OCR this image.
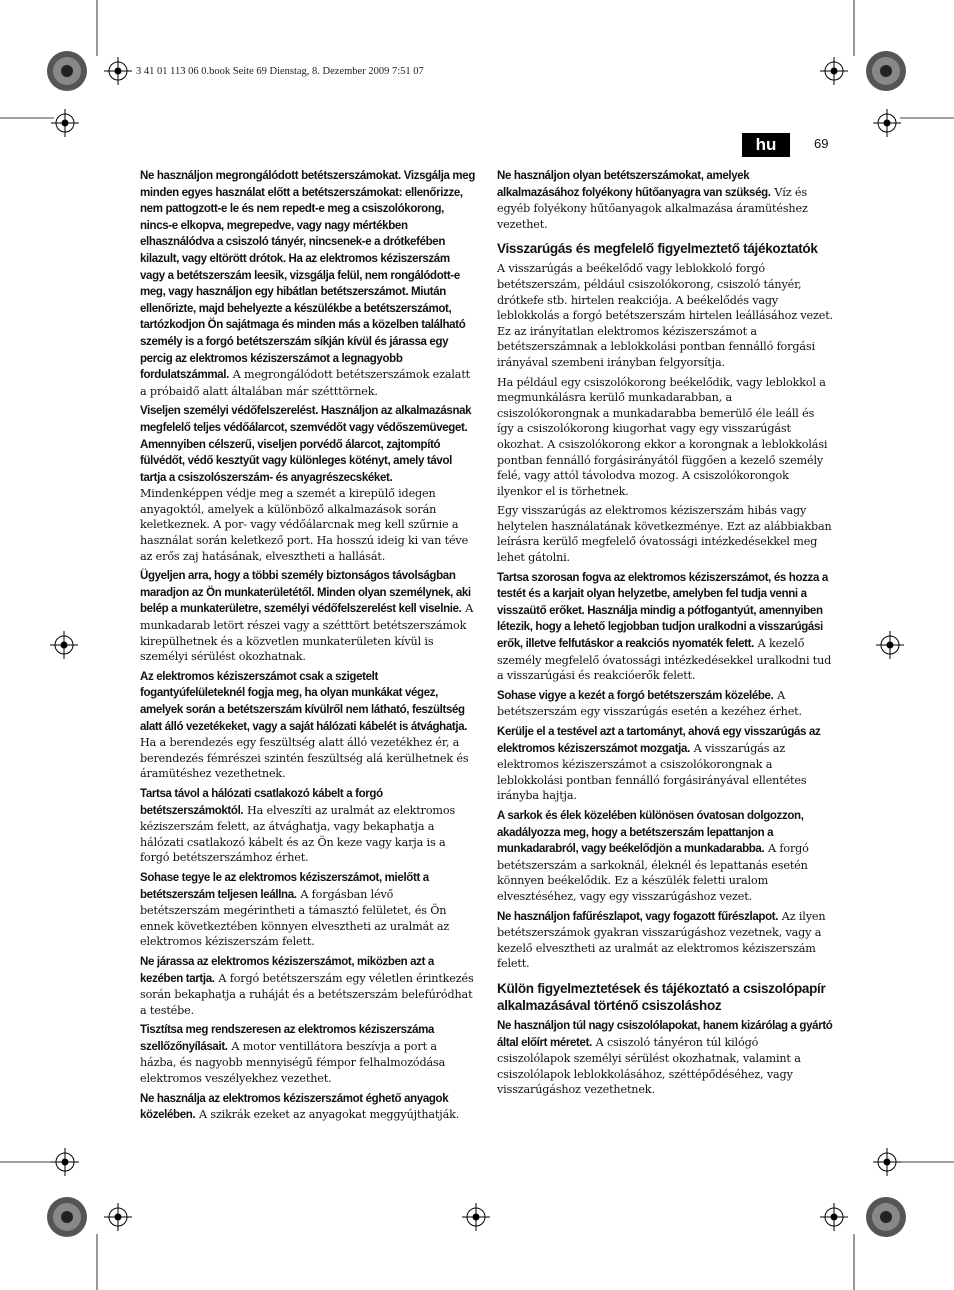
3 41 01 113 06 0.book Seite 69 Dienstag, 8. Dezember 2009 7:51 07
hu	69

Ne használjon megrongálódott betétszerszámokat. Vizsgálja meg minden egyes használat előtt a betétszerszámokat: ellenőrizze, nem pattogzott-e le és nem repedt-e meg a csiszolókorong, nincs-e elkopva, megrepedve, vagy nagy mértékben elhasználódva a csiszoló tányér, nincsenek-e a drótkefében kilazult, vagy eltörött drótok. Ha az elektromos kéziszerszám vagy a betétszerszám leesik, vizsgálja felül, nem rongálódott-e meg, vagy használjon egy hibátlan betétszerszámot. Miután ellenőrizte, majd behelyezte a készülékbe a betétszerszámot, tartózkodjon Ön sajátmaga és minden más a közelben található személy is a forgó betétszerszám síkján kívül és járassa egy percig az elektromos kéziszerszámot a legnagyobb fordulatszámmal. A megrongálódott betétszerszámok ezalatt a próbaidő alatt általában már szétttörnek.

Viseljen személyi védőfelszerelést. Használjon az alkalmazásnak megfelelő teljes védőálarcot, szemvédőt vagy védőszemüveget. Amennyiben célszerű, viseljen porvédő álarcot, zajtompító fülvédőt, védő kesztyűt vagy különleges kötényt, amely távol tartja a csiszolószerszám- és anyagrészecskéket. Mindenképpen védje meg a szemét a kirepülő idegen anyagoktól, amelyek a különböző alkalmazások során keletkeznek. A por- vagy védőálarcnak meg kell szűrnie a használat során keletkező port. Ha hosszú ideig ki van téve az erős zaj hatásának, elvesztheti a hallását.

Ügyeljen arra, hogy a többi személy biztonságos távolságban maradjon az Ön munkaterületétől. Minden olyan személynek, aki belép a munkaterületre, személyi védőfelszerelést kell viselnie. A munkadarab letört részei vagy a szétttört betétszerszámok kirepülhetnek és a közvetlen munkaterületen kívül is személyi sérülést okozhatnak.

Az elektromos kéziszerszámot csak a szigetelt fogantyúfelületeknél fogja meg, ha olyan munkákat végez, amelyek során a betétszerszám kívülről nem látható, feszültség alatt álló vezetékeket, vagy a saját hálózati kábelét is átvághatja. Ha a berendezés egy feszültség alatt álló vezetékhez ér, a berendezés fémrészei szintén feszültség alá kerülhetnek és áramütéshez vezethetnek.

Tartsa távol a hálózati csatlakozó kábelt a forgó betétszerszámoktól. Ha elveszíti az uralmát az elektromos kéziszerszám felett, az átvághatja, vagy bekaphatja a hálózati csatlakozó kábelt és az Ön keze vagy karja is a forgó betétszerszámhoz érhet.

Sohase tegye le az elektromos kéziszerszámot, mielőtt a betétszerszám teljesen leállna. A forgásban lévő betétszerszám megérintheti a támasztó felületet, és Ön ennek következtében könnyen elvesztheti az uralmát az elektromos kéziszerszám felett.

Ne járassa az elektromos kéziszerszámot, miközben azt a kezében tartja. A forgó betétszerszám egy véletlen érintkezés során bekaphatja a ruháját és a betétszerszám belefúródhat a testébe.

Tisztítsa meg rendszeresen az elektromos kéziszerszáma szellőzőnyílásait. A motor ventillátora beszívja a port a házba, és nagyobb mennyiségű fémpor felhalmozódása elektromos veszélyekhez vezethet.

Ne használja az elektromos kéziszerszámot éghető anyagok közelében. A szikrák ezeket az anyagokat meggyújthatják.

Ne használjon olyan betétszerszámokat, amelyek alkalmazásához folyékony hűtőanyagra van szükség. Víz és egyéb folyékony hűtőanyagok alkalmazása áramütéshez vezethet.

Visszarúgás és megfelelő figyelmeztető tájékoztatók

A visszarúgás a beékelődő vagy leblokkoló forgó betétszerszám, például csiszolókorong, csiszoló tányér, drótkefe stb. hirtelen reakciója. A beékelődés vagy leblokkolás a forgó betétszerszám hirtelen leállásához vezet. Ez az irányítatlan elektromos kéziszerszámot a betétszerszámnak a leblokkolási pontban fennálló forgási irányával szembeni irányban felgyorsítja.

Ha például egy csiszolókorong beékelődik, vagy leblokkol a megmunkálásra kerülő munkadarabban, a csiszolókorongnak a munkadarabba bemerülő éle leáll és így a csiszolókorong kiugorhat vagy egy visszarúgást okozhat. A csiszolókorong ekkor a korongnak a leblokkolási pontban fennálló forgásirányától függően a kezelő személy felé, vagy attól távolodva mozog. A csiszolókorongok ilyenkor el is törhetnek.

Egy visszarúgás az elektromos kéziszerszám hibás vagy helytelen használatának következménye. Ezt az alábbiakban leírásra kerülő megfelelő óvatossági intézkedésekkel meg lehet gátolni.

Tartsa szorosan fogva az elektromos kéziszerszámot, és hozza a testét és a karjait olyan helyzetbe, amelyben fel tudja venni a visszaütő erőket. Használja mindig a pótfogantyút, amennyiben létezik, hogy a lehető legjobban tudjon uralkodni a visszarúgási erők, illetve felfutáskor a reakciós nyomaték felett. A kezelő személy megfelelő óvatossági intézkedésekkel uralkodni tud a visszarúgási és reakcióerők felett.

Sohase vigye a kezét a forgó betétszerszám közelébe. A betétszerszám egy visszarúgás esetén a kezéhez érhet.

Kerülje el a testével azt a tartományt, ahová egy visszarúgás az elektromos kéziszerszámot mozgatja. A visszarúgás az elektromos kéziszerszámot a csiszolókorongnak a leblokkolási pontban fennálló forgásirányával ellentétes irányba hajtja.

A sarkok és élek közelében különösen óvatosan dolgozzon, akadályozza meg, hogy a betétszerszám lepattanjon a munkadarabról, vagy beékelődjön a munkadarabba. A forgó betétszerszám a sarkoknál, éleknél és lepattanás esetén könnyen beékelődik. Ez a készülék feletti uralom elvesztéséhez, vagy egy visszarúgáshoz vezet.

Ne használjon fafűrészlapot, vagy fogazott fűrészlapot. Az ilyen betétszerszámok gyakran visszarúgáshoz vezetnek, vagy a kezelő elvesztheti az uralmát az elektromos kéziszerszám felett.

Külön figyelmeztetések és tájékoztató a csiszolópapír alkalmazásával történő csiszoláshoz

Ne használjon túl nagy csiszolólapokat, hanem kizárólag a gyártó által előírt méretet. A csiszoló tányéron túl kilógó csiszolólapok személyi sérülést okozhatnak, valamint a csiszolólapok leblokkolásához, széttépődéséhez, vagy visszarúgáshoz vezethetnek.
